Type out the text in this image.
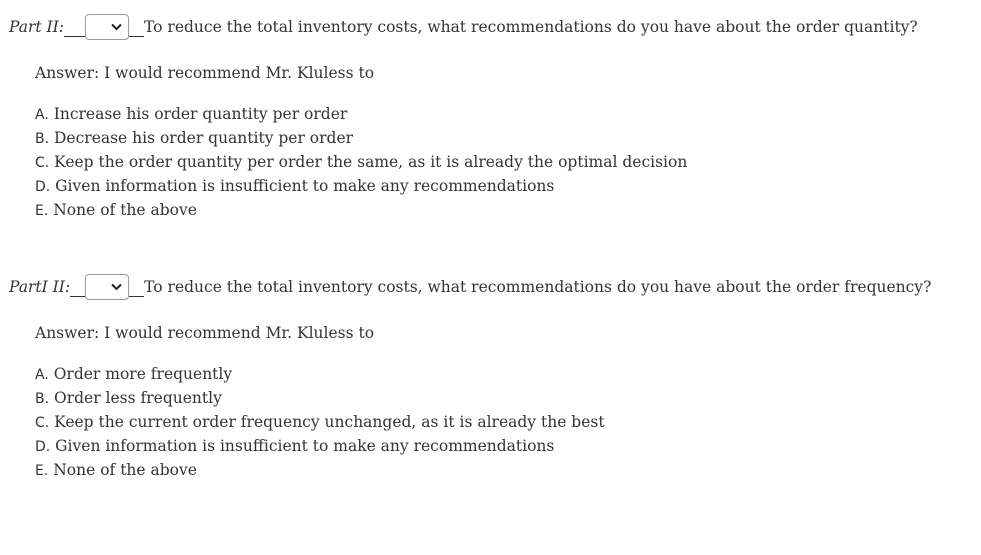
Part II:	To reduce the total inventory costs, what recommendations do you have about the order quantity?
Answer: I would recommend Mr. Kluless to
A. Increase his order quantity per order
B. Decrease his order quantity per order
C. Keep the order quantity per order the same, as it is already the optimal decision
D. Given information is insufficient to make any recommendations
E. None of the above
PartI II:	To reduce the total inventory costs, what recommendations do you have about the order frequency?
Answer: I would recommend Mr. Kluless to
A. Order more frequently
B. Order less frequently
C. Keep the current order frequency unchanged, as it is already the best
D. Given information is insufficient to make any recommendations
E. None of the above
